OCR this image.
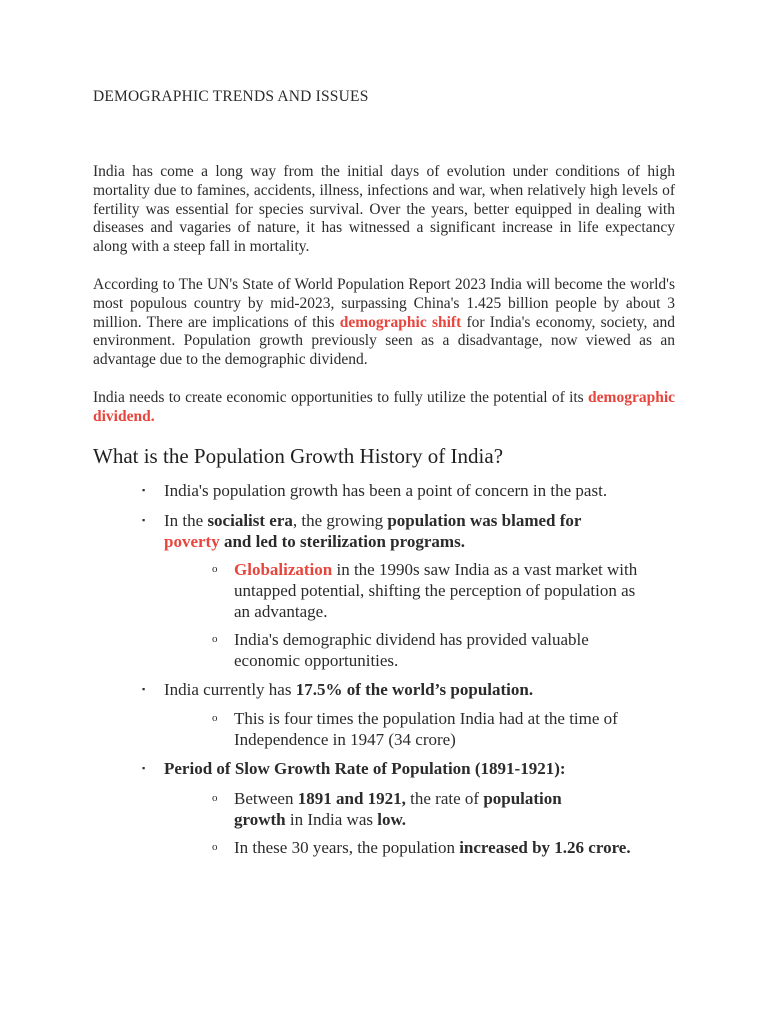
DEMOGRAPHIC TRENDS AND ISSUES

India has come a long way from the initial days of evolution under conditions of high mortality due to famines, accidents, illness, infections and war, when relatively high levels of fertility was essential for species survival. Over the years, better equipped in dealing with diseases and vagaries of nature, it has witnessed a significant increase in life expectancy along with a steep fall in mortality.

According to The UN's State of World Population Report 2023 India will become the world's most populous country by mid-2023, surpassing China's 1.425 billion people by about 3 million. There are implications of this demographic shift for India's economy, society, and environment. Population growth previously seen as a disadvantage, now viewed as an advantage due to the demographic dividend.

India needs to create economic opportunities to fully utilize the potential of its demographic dividend.

What is the Population Growth History of India?
▪ India's population growth has been a point of concern in the past.

▪ In the socialist era, the growing population was blamed for poverty and led to sterilization programs.

o Globalization in the 1990s saw India as a vast market with untapped potential, shifting the perception of population as an advantage.

o India's demographic dividend has provided valuable economic opportunities.

▪ India currently has 17.5% of the world’s population.

o This is four times the population India had at the time of Independence in 1947 (34 crore)

▪ Period of Slow Growth Rate of Population (1891-1921):

o Between 1891 and 1921, the rate of population growth in India was low.

o In these 30 years, the population increased by 1.26 crore.
